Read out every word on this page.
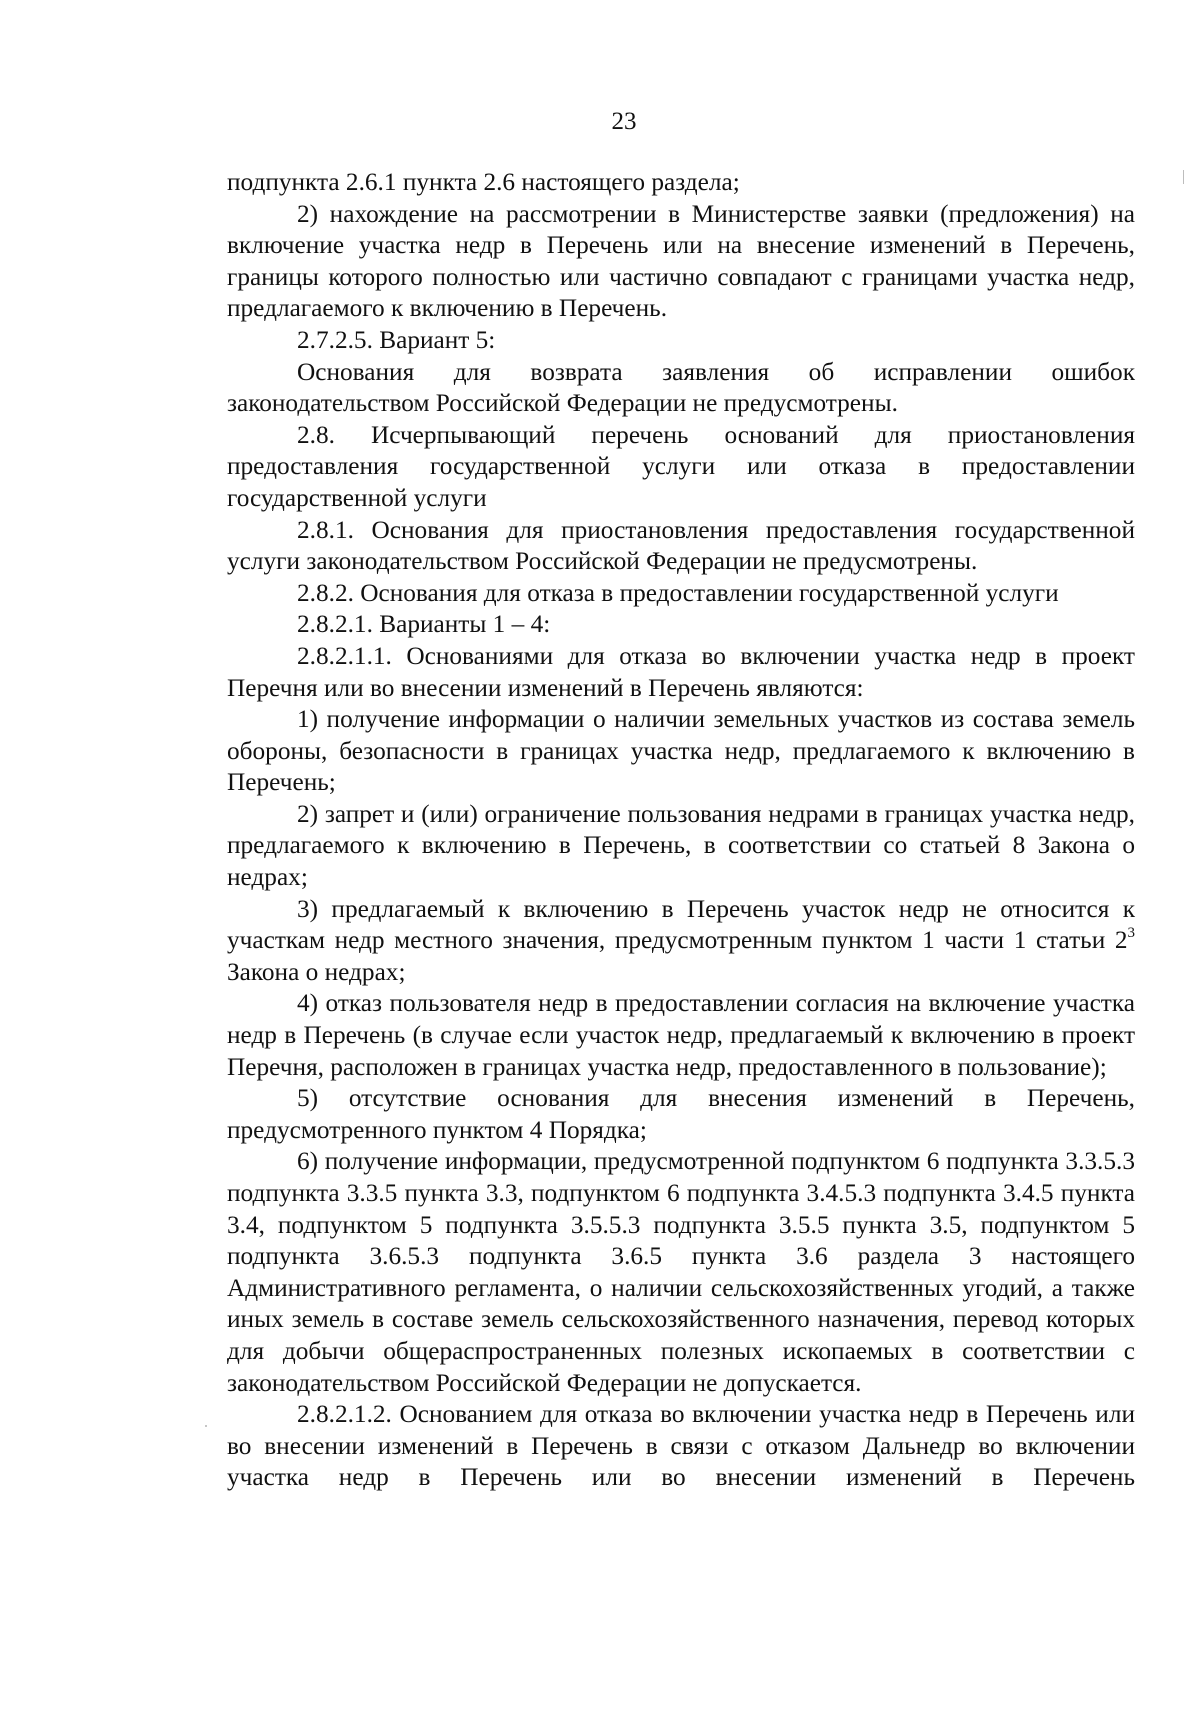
23

подпункта 2.6.1 пункта 2.6 настоящего раздела;

2) нахождение на рассмотрении в Министерстве заявки (предложения) на включение участка недр в Перечень или на внесение изменений в Перечень, границы которого полностью или частично совпадают с границами участка недр, предлагаемого к включению в Перечень.

2.7.2.5. Вариант 5:

Основания для возврата заявления об исправлении ошибок законодательством Российской Федерации не предусмотрены.

2.8. Исчерпывающий перечень оснований для приостановления предоставления государственной услуги или отказа в предоставлении государственной услуги

2.8.1. Основания для приостановления предоставления государственной услуги законодательством Российской Федерации не предусмотрены.

2.8.2. Основания для отказа в предоставлении государственной услуги

2.8.2.1. Варианты 1 – 4:

2.8.2.1.1. Основаниями для отказа во включении участка недр в проект Перечня или во внесении изменений в Перечень являются:

1) получение информации о наличии земельных участков из состава земель обороны, безопасности в границах участка недр, предлагаемого к включению в Перечень;

2) запрет и (или) ограничение пользования недрами в границах участка недр, предлагаемого к включению в Перечень, в соответствии со статьей 8 Закона о недрах;

3) предлагаемый к включению в Перечень участок недр не относится к участкам недр местного значения, предусмотренным пунктом 1 части 1 статьи $2^3$ Закона о недрах;

4) отказ пользователя недр в предоставлении согласия на включение участка недр в Перечень (в случае если участок недр, предлагаемый к включению в проект Перечня, расположен в границах участка недр, предоставленного в пользование);

5) отсутствие основания для внесения изменений в Перечень, предусмотренного пунктом 4 Порядка;

6) получение информации, предусмотренной подпунктом 6 подпункта 3.3.5.3 подпункта 3.3.5 пункта 3.3, подпунктом 6 подпункта 3.4.5.3 подпункта 3.4.5 пункта 3.4, подпунктом 5 подпункта 3.5.5.3 подпункта 3.5.5 пункта 3.5, подпунктом 5 подпункта 3.6.5.3 подпункта 3.6.5 пункта 3.6 раздела 3 настоящего Административного регламента, о наличии сельскохозяйственных угодий, а также иных земель в составе земель сельскохозяйственного назначения, перевод которых для добычи общераспространенных полезных ископаемых в соответствии с законодательством Российской Федерации не допускается.

2.8.2.1.2. Основанием для отказа во включении участка недр в Перечень или во внесении изменений в Перечень в связи с отказом Дальнедр во включении участка недр в Перечень или во внесении изменений в Перечень
